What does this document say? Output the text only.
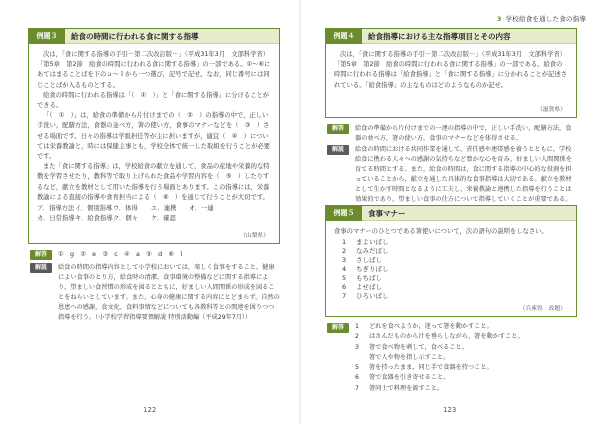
例題３	給食の時間に行われる食に関する指導

次は，「食に関する指導の手引－第二次改訂版－」（平成31年3月　文部科学省）「第5章　第2節　給食の時間に行われる食に関する指導」の一部である。①～⑥にあてはまることばを下のａ～ｌから一つ選び，記号で記せ。なお，同じ番号には同じことばが入るものとする。

給食の時間に行われる指導は「（　①　）」と「食に関する指導」に分けることができる。

「（　①　）」は，給食の準備から片付けまでの（　②　）の指導の中で，正しい手洗い，配膳方法，食器の並べ方，箸の使い方，食事のマナーなどを（　③　）させる場面です。日々の指導は学級担任等が主に担いますが，適宜（　④　）については栄養教諭と，時には保健主事とも，学校全体で統一した取組を行うことが必要です。

また「食に関する指導」は，学校給食の献立を通して，食品の産地や栄養的な特徴を学習させたり，教科等で取り上げられた食品や学習内容を（　⑤　）したりするなど，献立を教材として用いた指導を行う場面とあります。この指導には，栄養教諭による直接の指導や食育担当による（　⑥　）を通じて行うことが大切です。

ア．指導方法 イ．個別指導 ウ．体得	エ．連携	オ．一連
カ．日常指導 キ．給食指導 ク．個々	ケ．確認
（山梨県）
解答	①　g　②　e　③　c　④　a　⑤　d　⑥　l
解説	給食の時間の指導内容として小学校においては，楽しく食事をすること，健康によい食事のとり方，給食時の清潔，食事環境の整備などに関する指導により，望ましい食習慣の形成を図るとともに，好ましい人間関係の形成を図ることをねらいとしています。また，心身の健康に関する内容にとどまらず，自然の恩恵への感謝，食文化，食料事情などについても各教科等との関連を図りつつ指導を行う。（小学校学習指導要領解説 特別活動編（平成29年7月））
122
3 学校給食を通した食の指導
例題４	給食指導における主な指導項目とその内容

次は，「食に関する指導の手引－第二次改訂版－」（平成31年3月　文部科学省）「第5章　第2節　給食の時間に行われる食に関する指導」の一部である。給食の時間に行われる指導は「給食指導」と「食に関する指導」に分かれることが記述されている。「給食指導」の主なものはどのようなものか記せ。

（滋賀県）
解答	給食の準備から片付けまでの一連の指導の中で，正しい手洗い，配膳方法，食器の並べ方，箸の使い方，食事のマナーなどを体得させる。
解説	給食の時間における共同作業を通して，責任感や連帯感を養うとともに，学校給食に携わる人々への感謝の気持ちなど豊かな心を育み，好ましい人間関係を育てる時間とする。また，給食の時間は，食に関する指導の中心的な役割を担っていることから，献立を通した具体的な食事指導は大切である。献立を教材として生かす時間となるように工夫し，栄養教諭と連携した指導を行うことは効果的であり，望ましい食事の仕方について指導していくことが重要である。
例題５	食事マナー

食事のマナーのひとつである箸使いについて，次の語句の説明をしなさい。

1 まよいばし
2 なみだばし
3 さしばし
4 ちぎりばし
5 もちばし
6 よせばし
7 ひろいばし
（兵庫県　改題）
解答	1 どれを食べようか，迷って箸を動かすこと。
2 はさんだものから汁を垂らしながら，箸を動かすこと。
3 箸で食べ物を刺して，食べること。
箸で人や物を指し示すこと。
5 箸を持ったまま，同じ手で食器を持つこと。
6 箸で食器を引き寄せること。
7 箸同士で料理を渡すこと。
123
